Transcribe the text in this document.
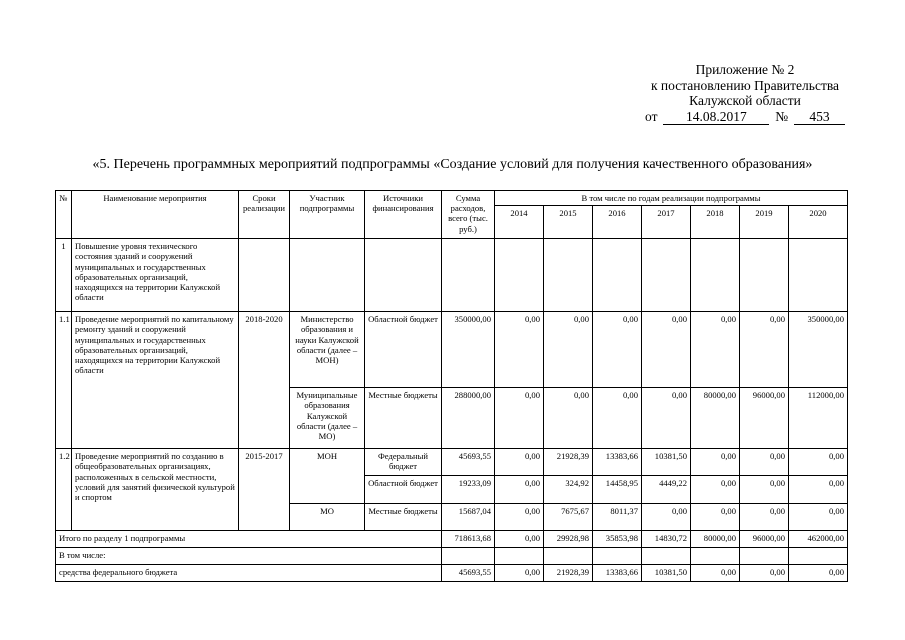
Приложение № 2
к постановлению Правительства
Калужской области
от	14.08.2017	№	453
«5. Перечень программных мероприятий подпрограммы «Создание условий для получения качественного образования»
№	Наименование мероприятия	Сроки реализации	Участник подпрограммы	Источники финансирования	Сумма расходов, всего (тыс. руб.)	В том числе по годам реализации подпрограммы						
						2014	2015	2016	2017	2018	2019	2020
1	Повышение уровня технического состояния зданий и сооружений муниципальных и государственных образовательных организаций, находящихся на территории Калужской области											
1.1	Проведение мероприятий по капитальному ремонту зданий и сооружений муниципальных и государственных образовательных организаций, находящихся на территории Калужской области	2018-2020	Министерство образования и науки Калужской области (далее – МОН)	Областной бюджет	350000,00	0,00	0,00	0,00	0,00	0,00	0,00	350000,00
			Муниципальные образования Калужской области (далее – МО)	Местные бюджеты	288000,00	0,00	0,00	0,00	0,00	80000,00	96000,00	112000,00
1.2	Проведение мероприятий по созданию в общеобразовательных организациях, расположенных в сельской местности, условий для занятий физической культурой и спортом	2015-2017	МОН	Федеральный бюджет	45693,55	0,00	21928,39	13383,66	10381,50	0,00	0,00	0,00
				Областной бюджет	19233,09	0,00	324,92	14458,95	4449,22	0,00	0,00	0,00
			МО	Местные бюджеты	15687,04	0,00	7675,67	8011,37	0,00	0,00	0,00	0,00
Итого по разделу 1 подпрограммы					718613,68	0,00	29928,98	35853,98	14830,72	80000,00	96000,00	462000,00
В том числе:												
средства федерального бюджета					45693,55	0,00	21928,39	13383,66	10381,50	0,00	0,00	0,00
